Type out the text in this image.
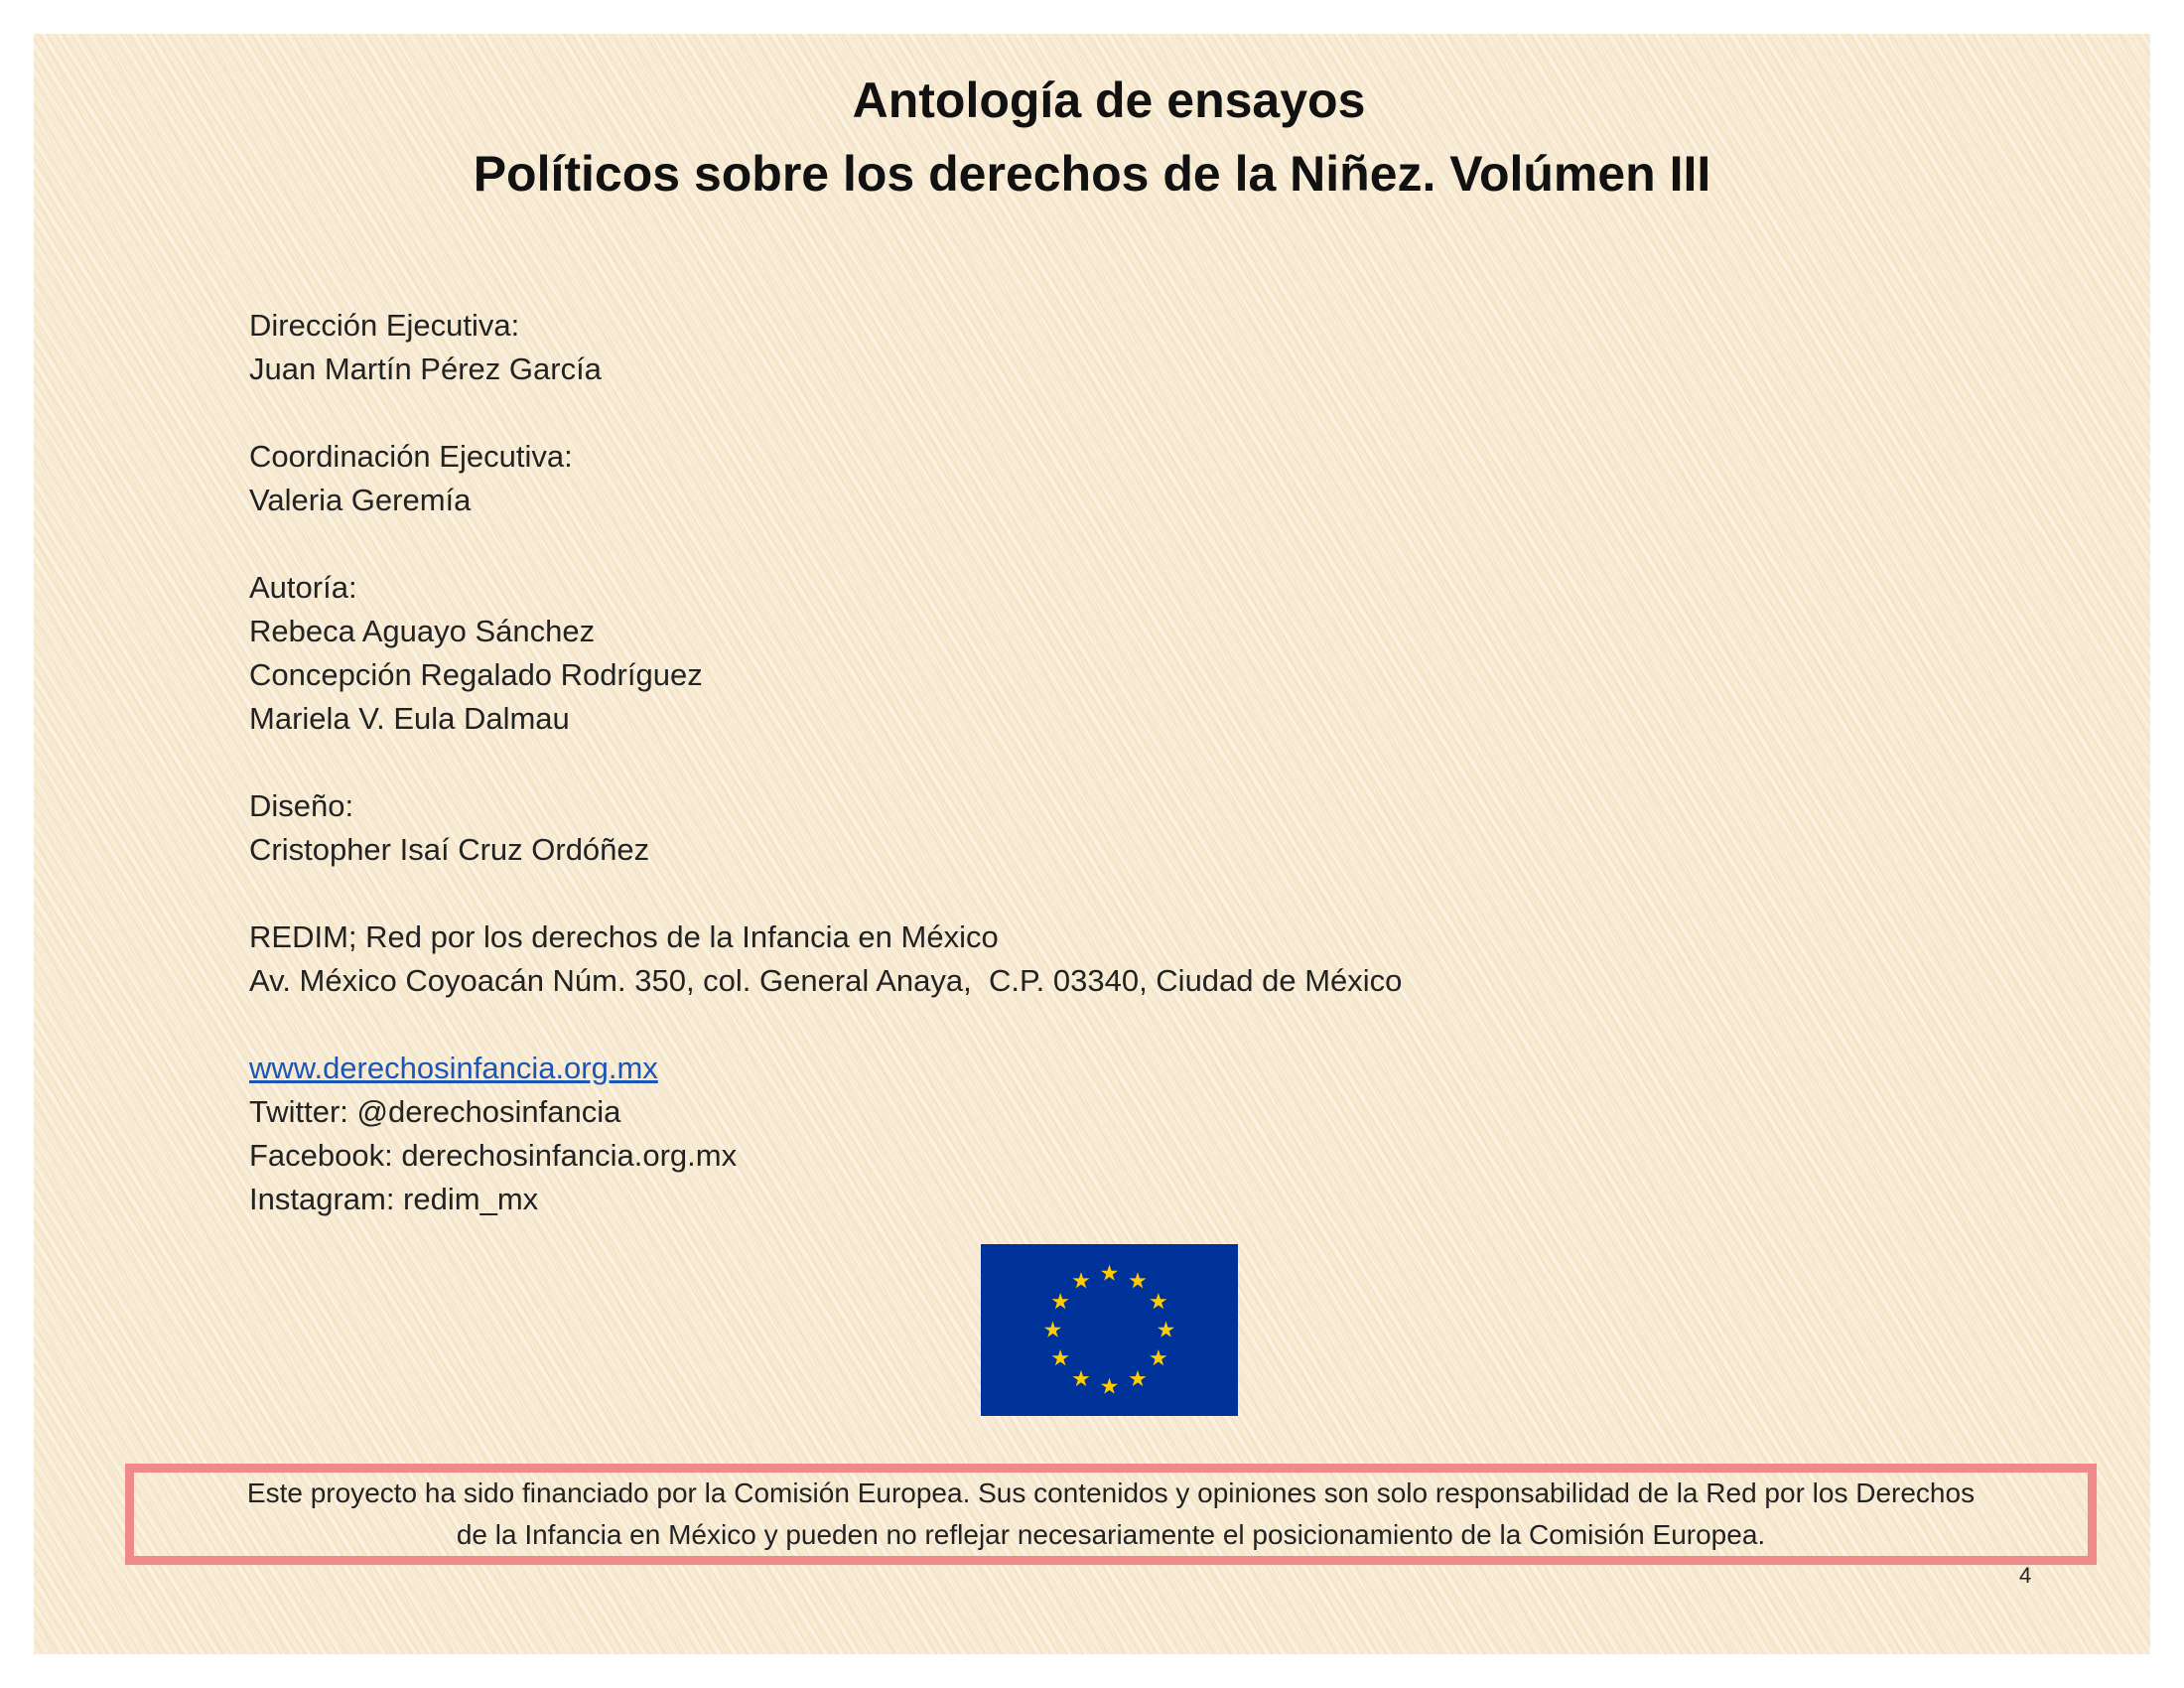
Antología de ensayos
Políticos sobre los derechos de la Niñez. Volúmen III
Dirección Ejecutiva:
Juan Martín Pérez García
Coordinación Ejecutiva:
Valeria Geremía
Autoría:
Rebeca Aguayo Sánchez
Concepción Regalado Rodríguez
Mariela V. Eula Dalmau
Diseño:
Cristopher Isaí Cruz Ordóñez
REDIM; Red por los derechos de la Infancia en México
Av. México Coyoacán Núm. 350, col. General Anaya,  C.P. 03340, Ciudad de México
www.derechosinfancia.org.mx
Twitter: @derechosinfancia
Facebook: derechosinfancia.org.mx
Instagram: redim_mx
Este proyecto ha sido financiado por la Comisión Europea. Sus contenidos y opiniones son solo responsabilidad de la Red por los Derechos
de la Infancia en México y pueden no reflejar necesariamente el posicionamiento de la Comisión Europea.
4
